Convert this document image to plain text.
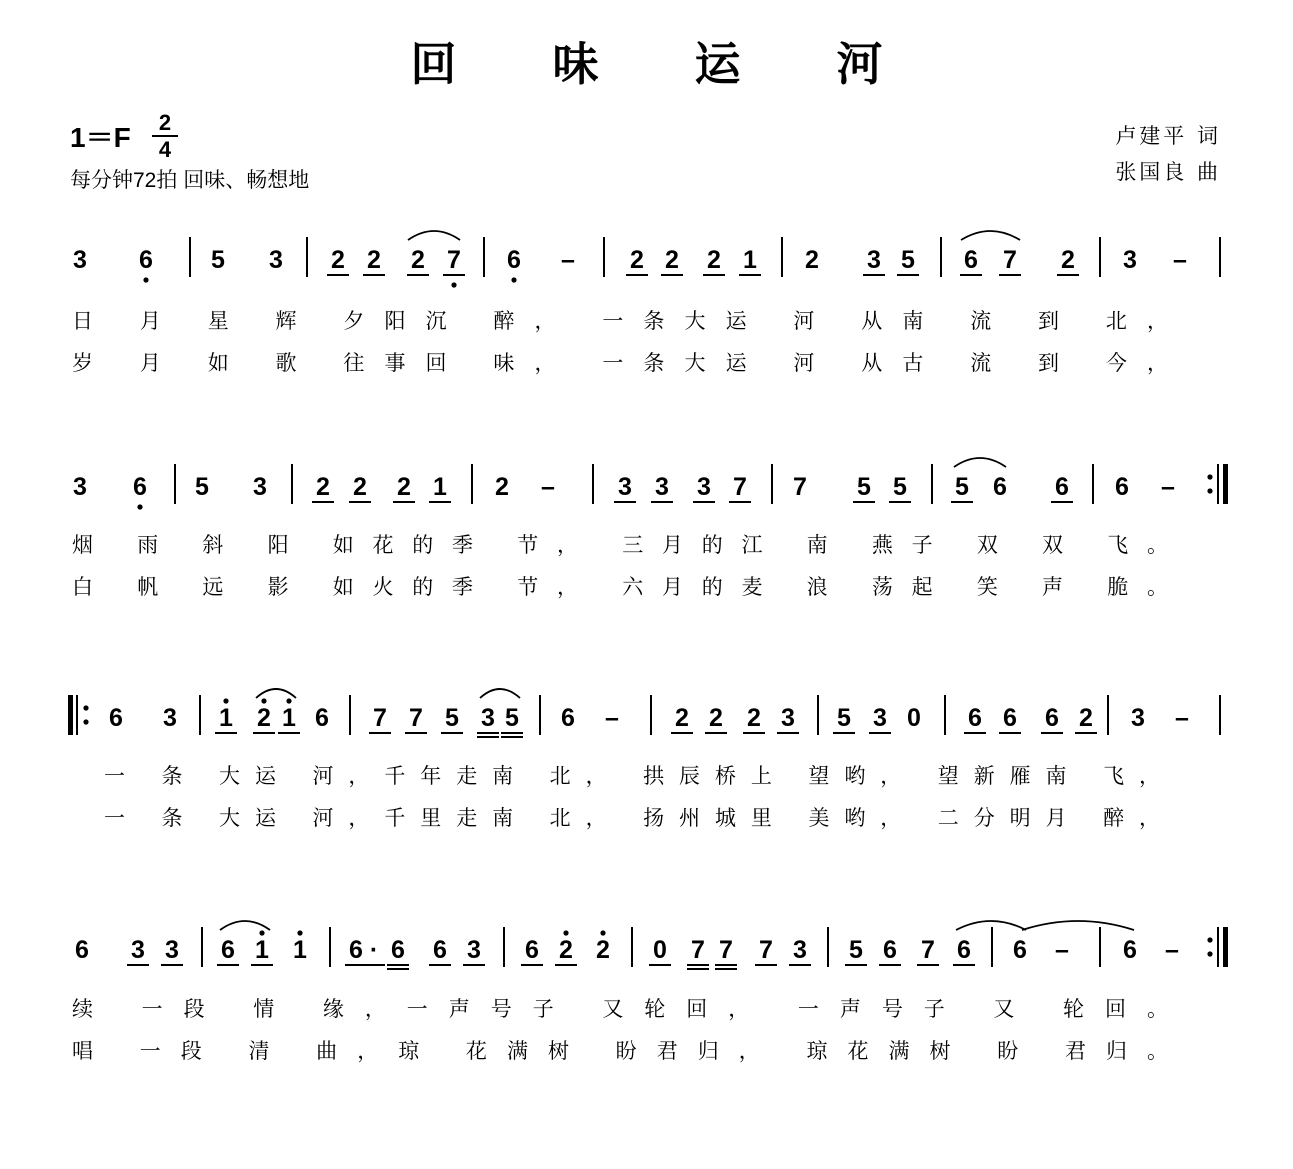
回 味 运 河
1＝F	2
4
每分钟72拍 回味、畅想地
卢建平 词
张国良 曲
3 6 5 3 2 2 2 7 6 – 2 2 2 1 2 3 5 6 7 2 3 –
3 6 5 3 2 2 2 1 2 –	3 3 3 7 7 5 5 5 6 6 6 –
6 3 1 2 1 6 7 7 5 3 5 6 – 2 2 2 3 5 3 0 6 6 6 2 3 –
6 3 3 6 1 1 6 · 6 6 3 6 2 2 0 7 7 7 3 5 6 7 6 6 – 6 –
日 月 星 辉 夕阳沉 醉， 一条大运 河 从南 流 到 北，
岁 月 如 歌 往事回 味， 一条大运 河 从古 流 到 今，
烟 雨 斜 阳 如花的季 节， 三月的江 南 燕子 双 双 飞。
白 帆 远 影 如火的季 节， 六月的麦 浪 荡起 笑 声 脆。
一 条 大运 河，千年走南 北， 拱辰桥上 望哟， 望新雁南 飞，
一 条 大运 河，千里走南 北， 扬州城里 美哟， 二分明月 醉，
续 一段 情 缘，一声号子 又轮回， 一声号子 又 轮回。
唱 一段 清 曲，琼 花满树 盼君归， 琼花满树 盼 君归。
